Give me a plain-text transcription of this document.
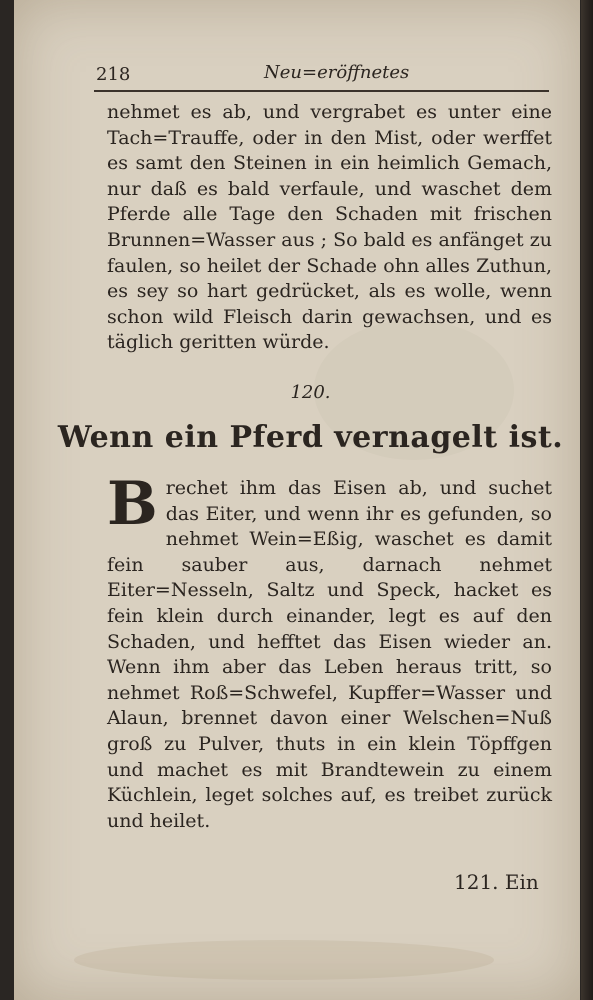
218	Neu=eröffnetes
nehmet es ab, und vergrabet es unter eine Tach=Trauffe, oder in den Mist, oder werffet es samt den Steinen in ein heimlich Gemach, nur daß es bald verfaule, und waschet dem Pferde alle Tage den Schaden mit frischen Brunnen=Wasser aus ; So bald es anfänget zu faulen, so heilet der Schade ohn alles Zuthun, es sey so hart gedrücket, als es wolle, wenn schon wild Fleisch darin gewachsen, und es täglich geritten würde.
120.
Wenn ein Pferd vernagelt ist.
B rechet ihm das Eisen ab, und suchet das Eiter, und wenn ihr es gefunden, so nehmet Wein=Eßig, waschet es damit fein sauber aus, darnach nehmet Eiter=Nesseln, Saltz und Speck, hacket es fein klein durch einander, legt es auf den Schaden, und hefftet das Eisen wieder an. Wenn ihm aber das Leben heraus tritt, so nehmet Roß=Schwefel, Kupffer=Wasser und Alaun, brennet davon einer Welschen=Nuß groß zu Pulver, thuts in ein klein Töpffgen und machet es mit Brandtewein zu einem Küchlein, leget solches auf, es treibet zurück und heilet.
121. Ein
